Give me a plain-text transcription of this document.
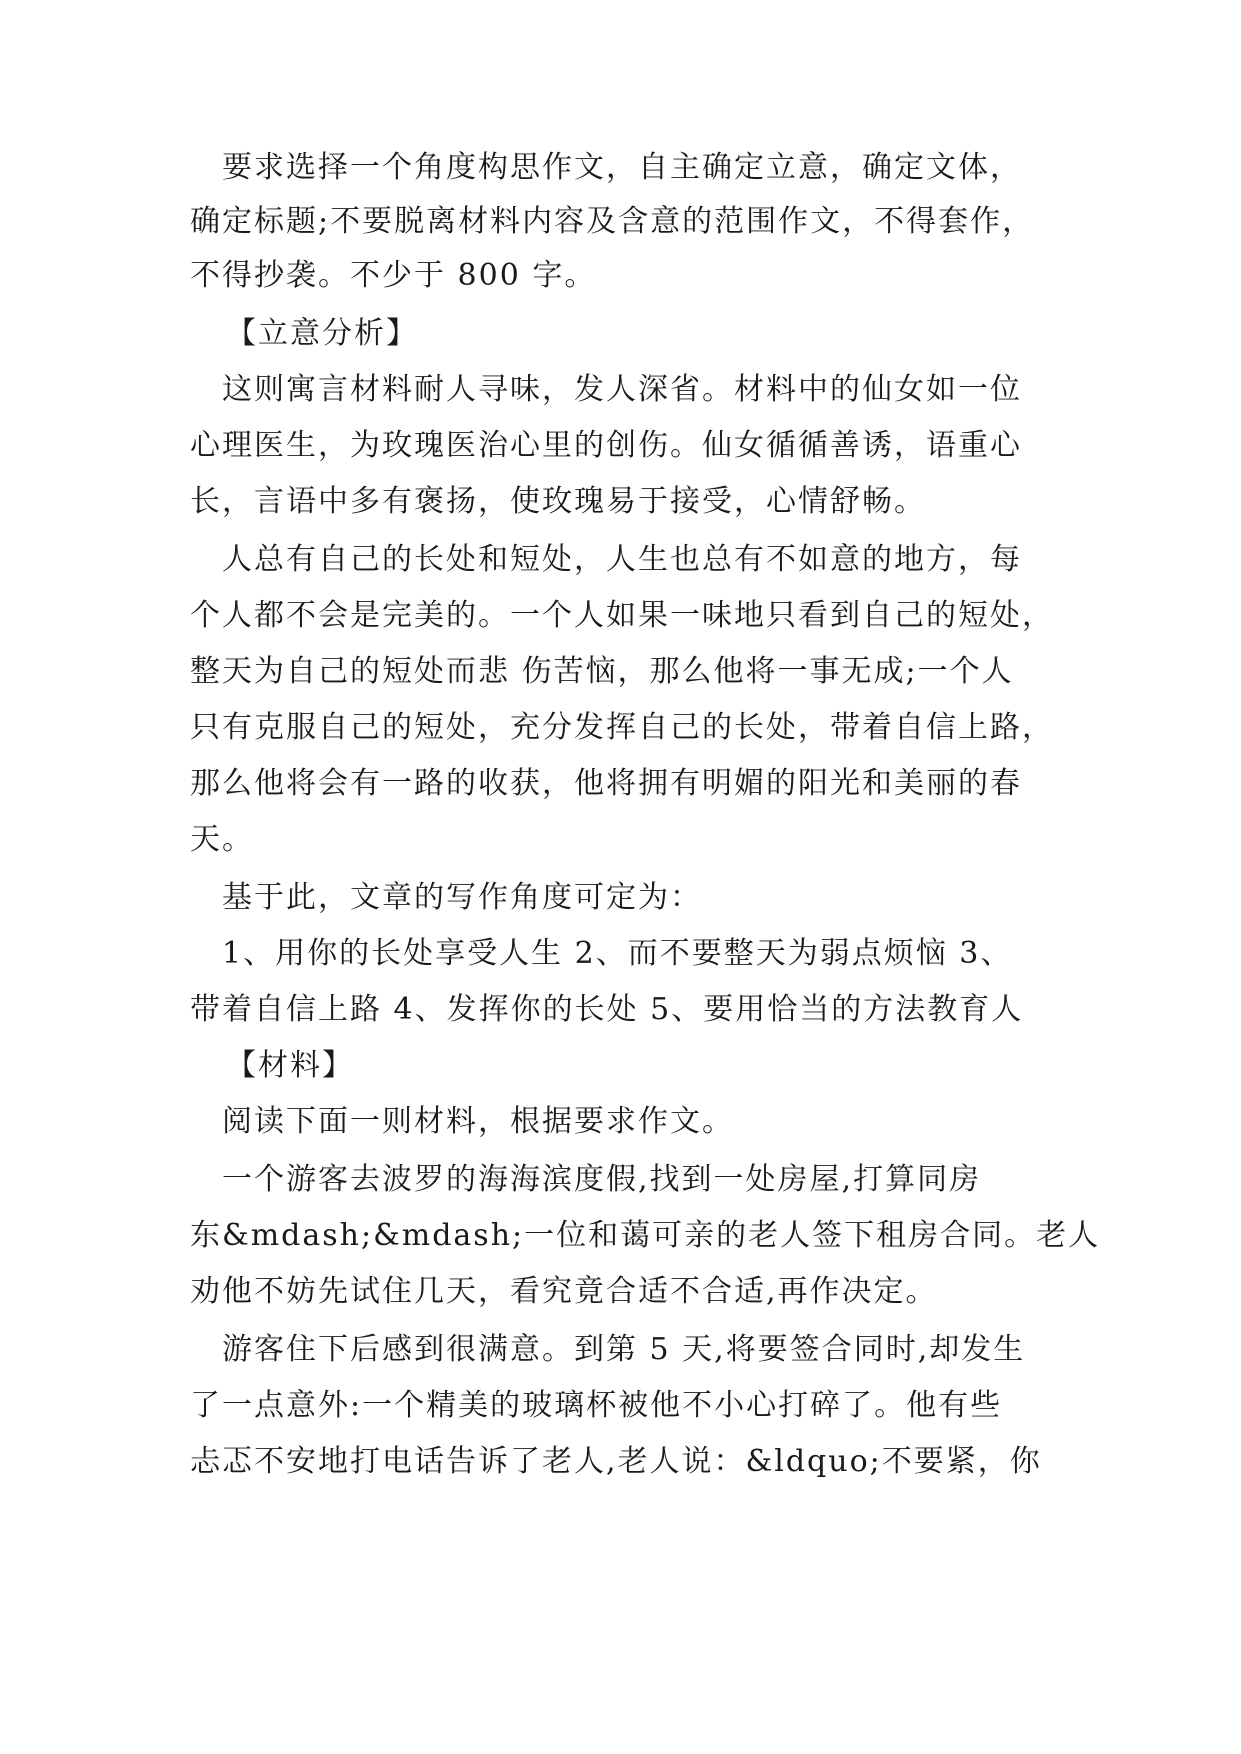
要求选择一个角度构思作文，自主确定立意，确定文体，
确定标题;不要脱离材料内容及含意的范围作文，不得套作，
不得抄袭。不少于 800 字。
【立意分析】
这则寓言材料耐人寻味，发人深省。材料中的仙女如一位
心理医生，为玫瑰医治心里的创伤。仙女循循善诱，语重心
长，言语中多有褒扬，使玫瑰易于接受，心情舒畅。
人总有自己的长处和短处，人生也总有不如意的地方，每
个人都不会是完美的。一个人如果一味地只看到自己的短处，
整天为自己的短处而悲 伤苦恼，那么他将一事无成;一个人
只有克服自己的短处，充分发挥自己的长处，带着自信上路，
那么他将会有一路的收获，他将拥有明媚的阳光和美丽的春
天。
基于此，文章的写作角度可定为：
1、用你的长处享受人生 2、而不要整天为弱点烦恼 3、
带着自信上路 4、发挥你的长处 5、要用恰当的方法教育人
【材料】
阅读下面一则材料，根据要求作文。
一个游客去波罗的海海滨度假,找到一处房屋,打算同房
东&mdash;&mdash;一位和蔼可亲的老人签下租房合同。老人
劝他不妨先试住几天，看究竟合适不合适,再作决定。
游客住下后感到很满意。到第 5 天,将要签合同时,却发生
了一点意外:一个精美的玻璃杯被他不小心打碎了。他有些
忐忑不安地打电话告诉了老人,老人说：&ldquo;不要紧，你
